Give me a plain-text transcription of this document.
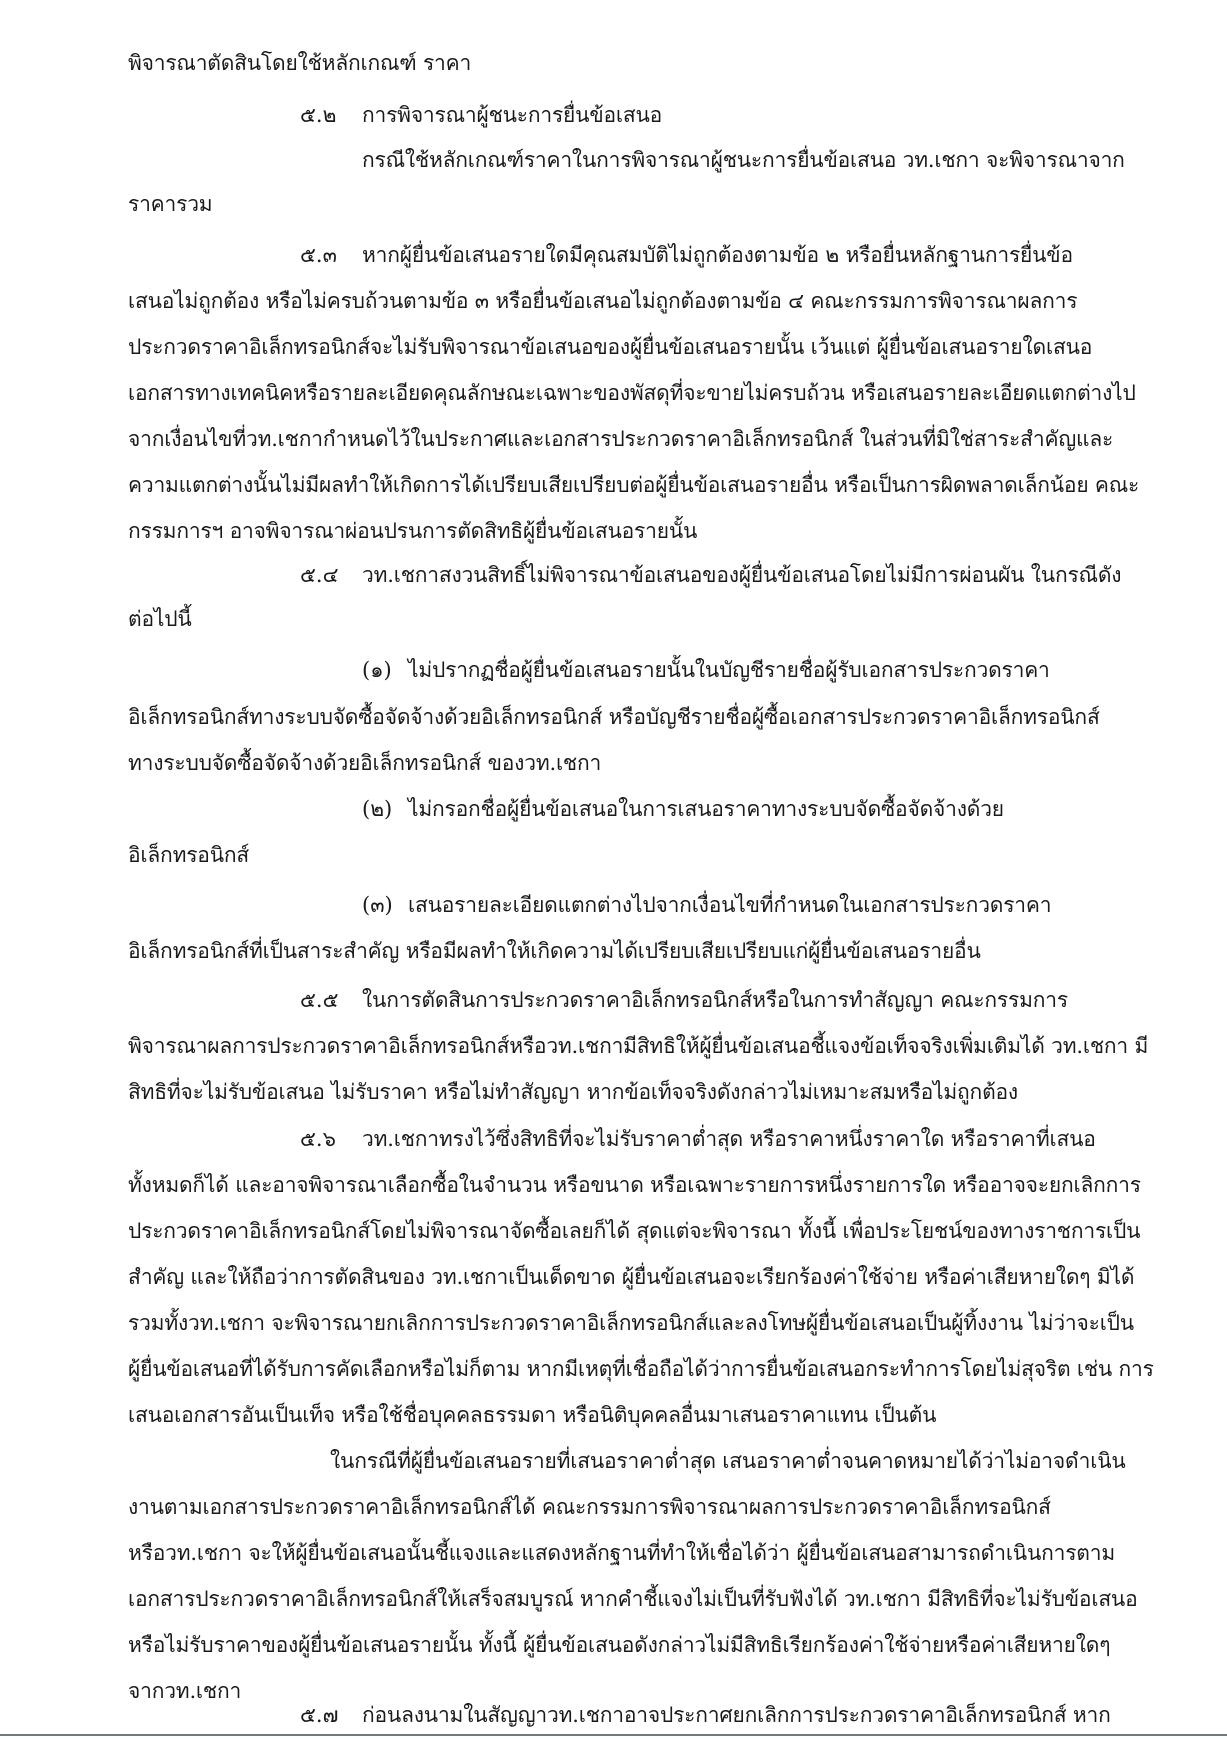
พิจารณาตัดสินโดยใช้หลักเกณฑ์ ราคา
๕.๒ การพิจารณาผู้ชนะการยื่นข้อเสนอ
กรณีใช้หลักเกณฑ์ราคาในการพิจารณาผู้ชนะการยื่นข้อเสนอ วท.เชกา จะพิจารณาจาก
ราคารวม
๕.๓ หากผู้ยื่นข้อเสนอรายใดมีคุณสมบัติไม่ถูกต้องตามข้อ ๒ หรือยื่นหลักฐานการยื่นข้อ
เสนอไม่ถูกต้อง หรือไม่ครบถ้วนตามข้อ ๓ หรือยื่นข้อเสนอไม่ถูกต้องตามข้อ ๔ คณะกรรมการพิจารณาผลการ
ประกวดราคาอิเล็กทรอนิกส์จะไม่รับพิจารณาข้อเสนอของผู้ยื่นข้อเสนอรายนั้น เว้นแต่ ผู้ยื่นข้อเสนอรายใดเสนอ
เอกสารทางเทคนิคหรือรายละเอียดคุณลักษณะเฉพาะของพัสดุที่จะขายไม่ครบถ้วน หรือเสนอรายละเอียดแตกต่างไป
จากเงื่อนไขที่วท.เชกากำหนดไว้ในประกาศและเอกสารประกวดราคาอิเล็กทรอนิกส์ ในส่วนที่มิใช่สาระสำคัญและ
ความแตกต่างนั้นไม่มีผลทำให้เกิดการได้เปรียบเสียเปรียบต่อผู้ยื่นข้อเสนอรายอื่น หรือเป็นการผิดพลาดเล็กน้อย คณะ
กรรมการฯ อาจพิจารณาผ่อนปรนการตัดสิทธิผู้ยื่นข้อเสนอรายนั้น
๕.๔ วท.เชกาสงวนสิทธิ์ไม่พิจารณาข้อเสนอของผู้ยื่นข้อเสนอโดยไม่มีการผ่อนผัน ในกรณีดัง
ต่อไปนี้
(๑) ไม่ปรากฏชื่อผู้ยื่นข้อเสนอรายนั้นในบัญชีรายชื่อผู้รับเอกสารประกวดราคา
อิเล็กทรอนิกส์ทางระบบจัดซื้อจัดจ้างด้วยอิเล็กทรอนิกส์ หรือบัญชีรายชื่อผู้ซื้อเอกสารประกวดราคาอิเล็กทรอนิกส์
ทางระบบจัดซื้อจัดจ้างด้วยอิเล็กทรอนิกส์ ของวท.เชกา
(๒) ไม่กรอกชื่อผู้ยื่นข้อเสนอในการเสนอราคาทางระบบจัดซื้อจัดจ้างด้วย
อิเล็กทรอนิกส์
(๓) เสนอรายละเอียดแตกต่างไปจากเงื่อนไขที่กำหนดในเอกสารประกวดราคา
อิเล็กทรอนิกส์ที่เป็นสาระสำคัญ หรือมีผลทำให้เกิดความได้เปรียบเสียเปรียบแก่ผู้ยื่นข้อเสนอรายอื่น
๕.๕ ในการตัดสินการประกวดราคาอิเล็กทรอนิกส์หรือในการทำสัญญา คณะกรรมการ
พิจารณาผลการประกวดราคาอิเล็กทรอนิกส์หรือวท.เชกามีสิทธิให้ผู้ยื่นข้อเสนอชี้แจงข้อเท็จจริงเพิ่มเติมได้ วท.เชกา มี
สิทธิที่จะไม่รับข้อเสนอ ไม่รับราคา หรือไม่ทำสัญญา หากข้อเท็จจริงดังกล่าวไม่เหมาะสมหรือไม่ถูกต้อง
๕.๖ วท.เชกาทรงไว้ซึ่งสิทธิที่จะไม่รับราคาต่ำสุด หรือราคาหนึ่งราคาใด หรือราคาที่เสนอ
ทั้งหมดก็ได้ และอาจพิจารณาเลือกซื้อในจำนวน หรือขนาด หรือเฉพาะรายการหนึ่งรายการใด หรืออาจจะยกเลิกการ
ประกวดราคาอิเล็กทรอนิกส์โดยไม่พิจารณาจัดซื้อเลยก็ได้ สุดแต่จะพิจารณา ทั้งนี้ เพื่อประโยชน์ของทางราชการเป็น
สำคัญ และให้ถือว่าการตัดสินของ วท.เชกาเป็นเด็ดขาด ผู้ยื่นข้อเสนอจะเรียกร้องค่าใช้จ่าย หรือค่าเสียหายใดๆ มิได้
รวมทั้งวท.เชกา จะพิจารณายกเลิกการประกวดราคาอิเล็กทรอนิกส์และลงโทษผู้ยื่นข้อเสนอเป็นผู้ทิ้งงาน ไม่ว่าจะเป็น
ผู้ยื่นข้อเสนอที่ได้รับการคัดเลือกหรือไม่ก็ตาม หากมีเหตุที่เชื่อถือได้ว่าการยื่นข้อเสนอกระทำการโดยไม่สุจริต เช่น การ
เสนอเอกสารอันเป็นเท็จ หรือใช้ชื่อบุคคลธรรมดา หรือนิติบุคคลอื่นมาเสนอราคาแทน เป็นต้น
ในกรณีที่ผู้ยื่นข้อเสนอรายที่เสนอราคาต่ำสุด เสนอราคาต่ำจนคาดหมายได้ว่าไม่อาจดำเนิน
งานตามเอกสารประกวดราคาอิเล็กทรอนิกส์ได้ คณะกรรมการพิจารณาผลการประกวดราคาอิเล็กทรอนิกส์
หรือวท.เชกา จะให้ผู้ยื่นข้อเสนอนั้นชี้แจงและแสดงหลักฐานที่ทำให้เชื่อได้ว่า ผู้ยื่นข้อเสนอสามารถดำเนินการตาม
เอกสารประกวดราคาอิเล็กทรอนิกส์ให้เสร็จสมบูรณ์ หากคำชี้แจงไม่เป็นที่รับฟังได้ วท.เชกา มีสิทธิที่จะไม่รับข้อเสนอ
หรือไม่รับราคาของผู้ยื่นข้อเสนอรายนั้น ทั้งนี้ ผู้ยื่นข้อเสนอดังกล่าวไม่มีสิทธิเรียกร้องค่าใช้จ่ายหรือค่าเสียหายใดๆ
จากวท.เชกา
๕.๗ ก่อนลงนามในสัญญาวท.เชกาอาจประกาศยกเลิกการประกวดราคาอิเล็กทรอนิกส์ หาก
